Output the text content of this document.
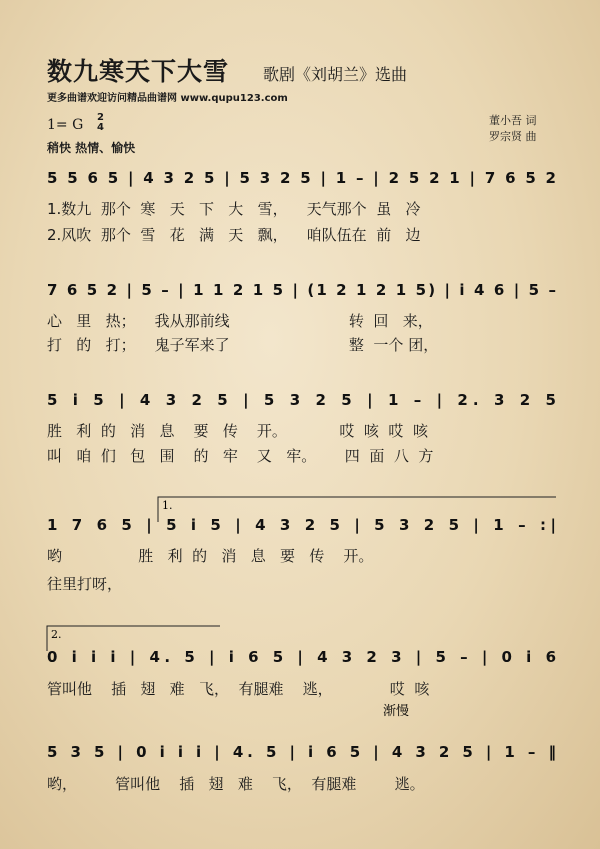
数九寒天下大雪 歌剧《刘胡兰》选曲
更多曲谱欢迎访问精品曲谱网 www.qupu123.com
1= G 2
4
稍快 热情、愉快
董小吾 词
罗宗贤 曲
5 5 6 5 | 4 3 2 5 | 5 3 2 5 | 1 – | 2 5 2 1 | 7 6 5 2
7 6 5 2 | 5 – | 1 1 2 1 5 | (1 2 1 2 1 5) | i 4 6 | 5 –
5 i 5 | 4 3 2 5 | 5 3 2 5 | 1 – | 2. 3 2 5
1 7 6 5 | 5 i 5 | 4 3 2 5 | 5 3 2 5 | 1 – :|
1.
0 i i i | 4. 5 | i 6 5 | 4 3 2 3 | 5 – | 0 i 6
2.
5 3 5 | 0 i i i | 4. 5 | i 6 5 | 4 3 2 5 | 1 – ‖
渐慢
1.数九  那个  寒   天   下   大   雪，    天气那个  虽   冷
2.风吹  那个  雪   花   满   天   飘，    咱队伍在  前   边
心   里   热；    我从那前线                         转  回   来，
打   的   打；    鬼子军来了                         整  一个 团，
胜   利  的   消   息    要   传    开。           哎  咳  哎  咳
叫   咱  们   包   围    的   牢    又   牢。      四  面  八  方
哟                胜   利  的   消   息   要   传    开。
往里打呀，
管叫他    插   翅   难   飞，  有腿难    逃，            哎  咳
哟，        管叫他    插   翅   难    飞，  有腿难        逃。
